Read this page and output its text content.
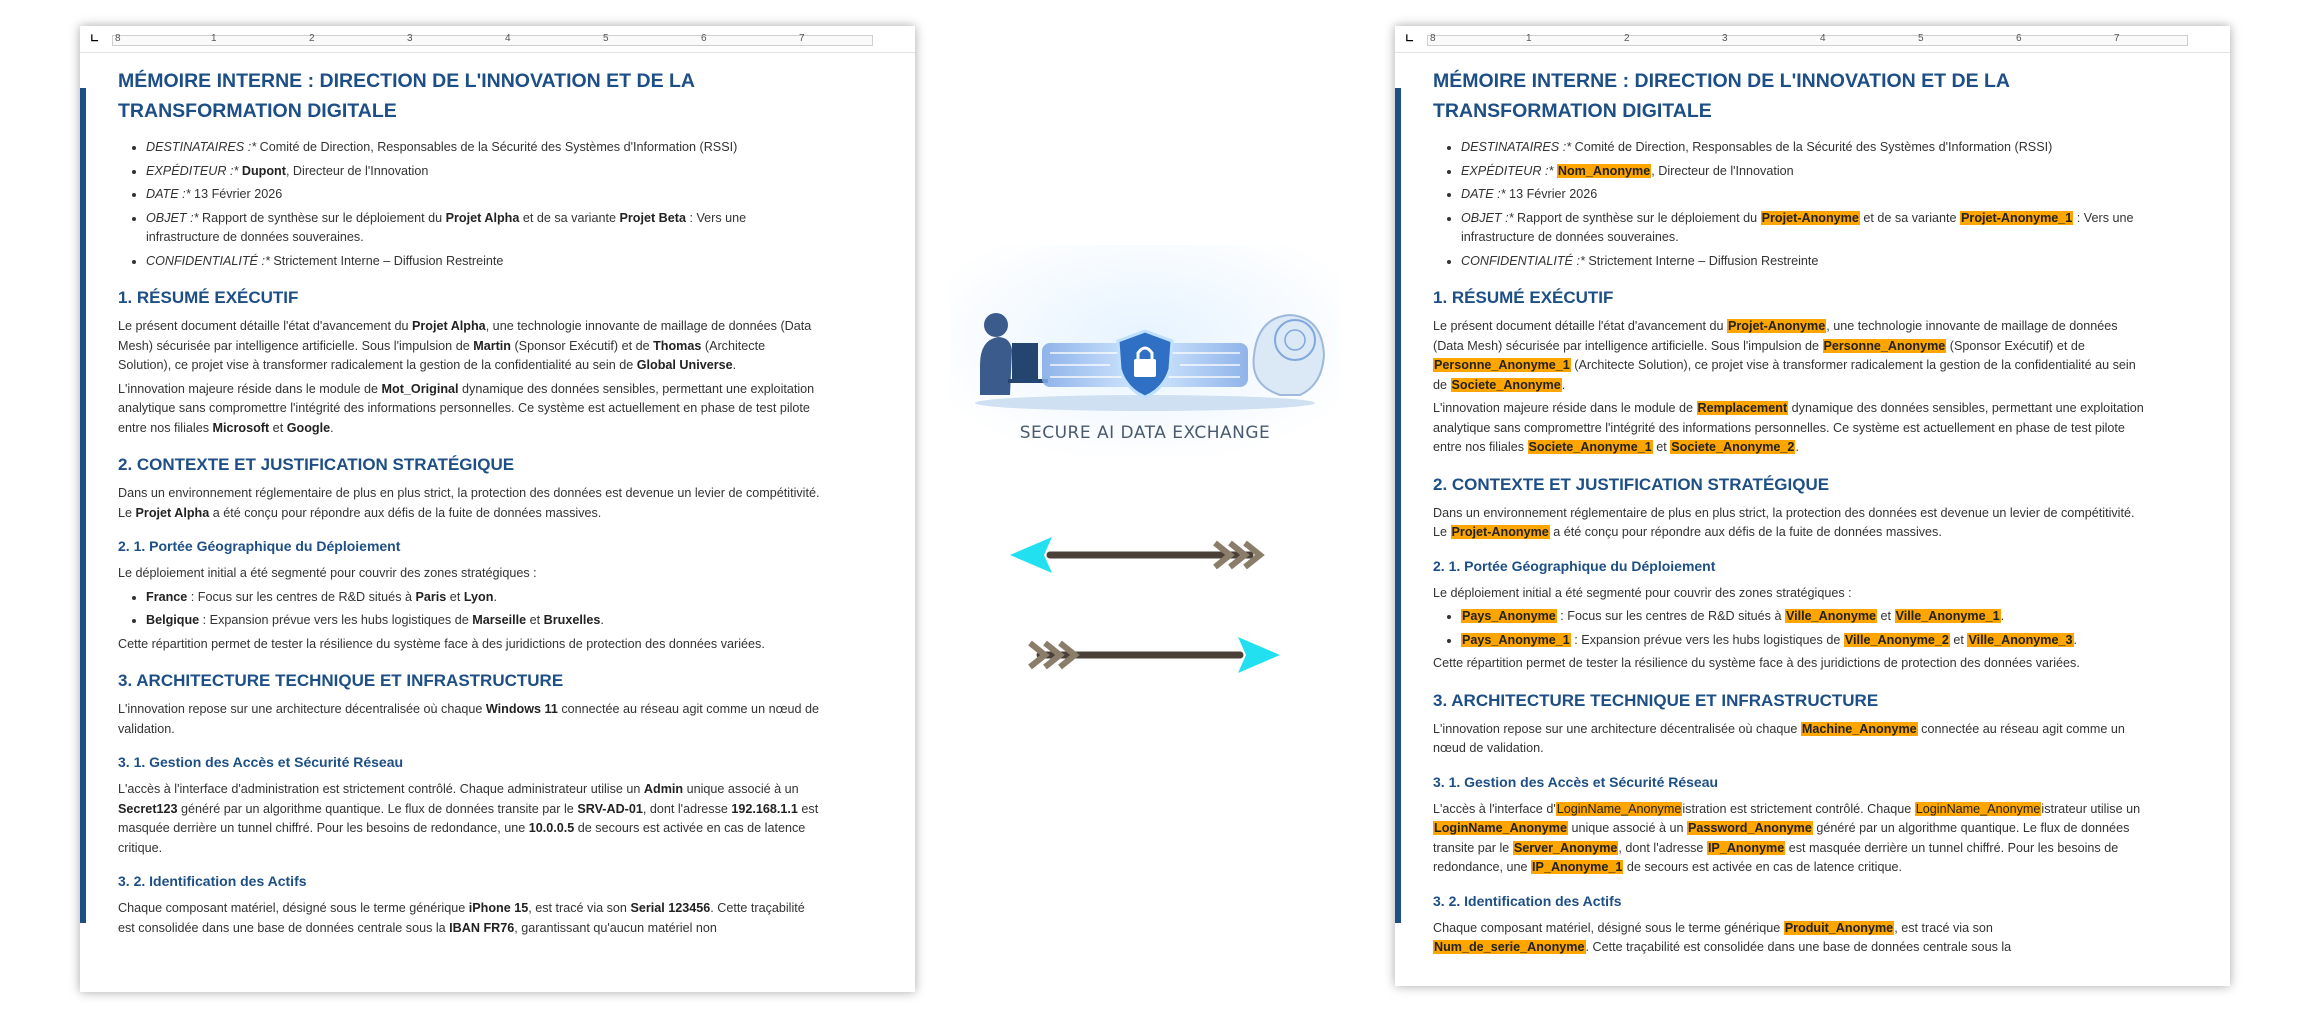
∟ 8	1	2	3	4	5	6	7
MÉMOIRE INTERNE : DIRECTION DE L'INNOVATION ET DE LA TRANSFORMATION DIGITALE
• DESTINATAIRES :* Comité de Direction, Responsables de la Sécurité des Systèmes d'Information (RSSI)
• EXPÉDITEUR :* Dupont, Directeur de l'Innovation
• DATE :* 13 Février 2026
• OBJET :* Rapport de synthèse sur le déploiement du Projet Alpha et de sa variante Projet Beta : Vers une infrastructure de données souveraines.
• CONFIDENTIALITÉ :* Strictement Interne – Diffusion Restreinte
1. RÉSUMÉ EXÉCUTIF

Le présent document détaille l'état d'avancement du Projet Alpha, une technologie innovante de maillage de données (Data Mesh) sécurisée par intelligence artificielle. Sous l'impulsion de Martin (Sponsor Exécutif) et de Thomas (Architecte Solution), ce projet vise à transformer radicalement la gestion de la confidentialité au sein de Global Universe.

L'innovation majeure réside dans le module de Mot_Original dynamique des données sensibles, permettant une exploitation analytique sans compromettre l'intégrité des informations personnelles. Ce système est actuellement en phase de test pilote entre nos filiales Microsoft et Google.

2. CONTEXTE ET JUSTIFICATION STRATÉGIQUE

Dans un environnement réglementaire de plus en plus strict, la protection des données est devenue un levier de compétitivité. Le Projet Alpha a été conçu pour répondre aux défis de la fuite de données massives.

2. 1. Portée Géographique du Déploiement

Le déploiement initial a été segmenté pour couvrir des zones stratégiques :

• France : Focus sur les centres de R&D situés à Paris et Lyon.
• Belgique : Expansion prévue vers les hubs logistiques de Marseille et Bruxelles.

Cette répartition permet de tester la résilience du système face à des juridictions de protection des données variées.

3. ARCHITECTURE TECHNIQUE ET INFRASTRUCTURE

L'innovation repose sur une architecture décentralisée où chaque Windows 11 connectée au réseau agit comme un nœud de validation.

3. 1. Gestion des Accès et Sécurité Réseau

L'accès à l'interface d'administration est strictement contrôlé. Chaque administrateur utilise un Admin unique associé à un Secret123 généré par un algorithme quantique. Le flux de données transite par le SRV-AD-01, dont l'adresse 192.168.1.1 est masquée derrière un tunnel chiffré. Pour les besoins de redondance, une 10.0.0.5 de secours est activée en cas de latence critique.

3. 2. Identification des Actifs

Chaque composant matériel, désigné sous le terme générique iPhone 15, est tracé via son Serial 123456. Cette traçabilité est consolidée dans une base de données centrale sous la IBAN FR76, garantissant qu'aucun matériel non

SECURE AI DATA EXCHANGE
∟ 8	1	2	3	4	5	6	7
MÉMOIRE INTERNE : DIRECTION DE L'INNOVATION ET DE LA TRANSFORMATION DIGITALE
• DESTINATAIRES :* Comité de Direction, Responsables de la Sécurité des Systèmes d'Information (RSSI)
• EXPÉDITEUR :* Nom_Anonyme, Directeur de l'Innovation
• DATE :* 13 Février 2026
• OBJET :* Rapport de synthèse sur le déploiement du Projet-Anonyme et de sa variante Projet-Anonyme_1 : Vers une infrastructure de données souveraines.
• CONFIDENTIALITÉ :* Strictement Interne – Diffusion Restreinte
1. RÉSUMÉ EXÉCUTIF

Le présent document détaille l'état d'avancement du Projet-Anonyme, une technologie innovante de maillage de données (Data Mesh) sécurisée par intelligence artificielle. Sous l'impulsion de Personne_Anonyme (Sponsor Exécutif) et de Personne_Anonyme_1 (Architecte Solution), ce projet vise à transformer radicalement la gestion de la confidentialité au sein de Societe_Anonyme.

L'innovation majeure réside dans le module de Remplacement dynamique des données sensibles, permettant une exploitation analytique sans compromettre l'intégrité des informations personnelles. Ce système est actuellement en phase de test pilote entre nos filiales Societe_Anonyme_1 et Societe_Anonyme_2.

2. CONTEXTE ET JUSTIFICATION STRATÉGIQUE

Dans un environnement réglementaire de plus en plus strict, la protection des données est devenue un levier de compétitivité. Le Projet-Anonyme a été conçu pour répondre aux défis de la fuite de données massives.

2. 1. Portée Géographique du Déploiement

Le déploiement initial a été segmenté pour couvrir des zones stratégiques :

• Pays_Anonyme : Focus sur les centres de R&D situés à Ville_Anonyme et Ville_Anonyme_1.
• Pays_Anonyme_1 : Expansion prévue vers les hubs logistiques de Ville_Anonyme_2 et Ville_Anonyme_3.

Cette répartition permet de tester la résilience du système face à des juridictions de protection des données variées.

3. ARCHITECTURE TECHNIQUE ET INFRASTRUCTURE

L'innovation repose sur une architecture décentralisée où chaque Machine_Anonyme connectée au réseau agit comme un nœud de validation.

3. 1. Gestion des Accès et Sécurité Réseau

L'accès à l'interface d'LoginName_Anonymeistration est strictement contrôlé. Chaque LoginName_Anonymeistrateur utilise un LoginName_Anonyme unique associé à un Password_Anonyme généré par un algorithme quantique. Le flux de données transite par le Server_Anonyme, dont l'adresse IP_Anonyme est masquée derrière un tunnel chiffré. Pour les besoins de redondance, une IP_Anonyme_1 de secours est activée en cas de latence critique.

3. 2. Identification des Actifs

Chaque composant matériel, désigné sous le terme générique Produit_Anonyme, est tracé via son Num_de_serie_Anonyme. Cette traçabilité est consolidée dans une base de données centrale sous la
